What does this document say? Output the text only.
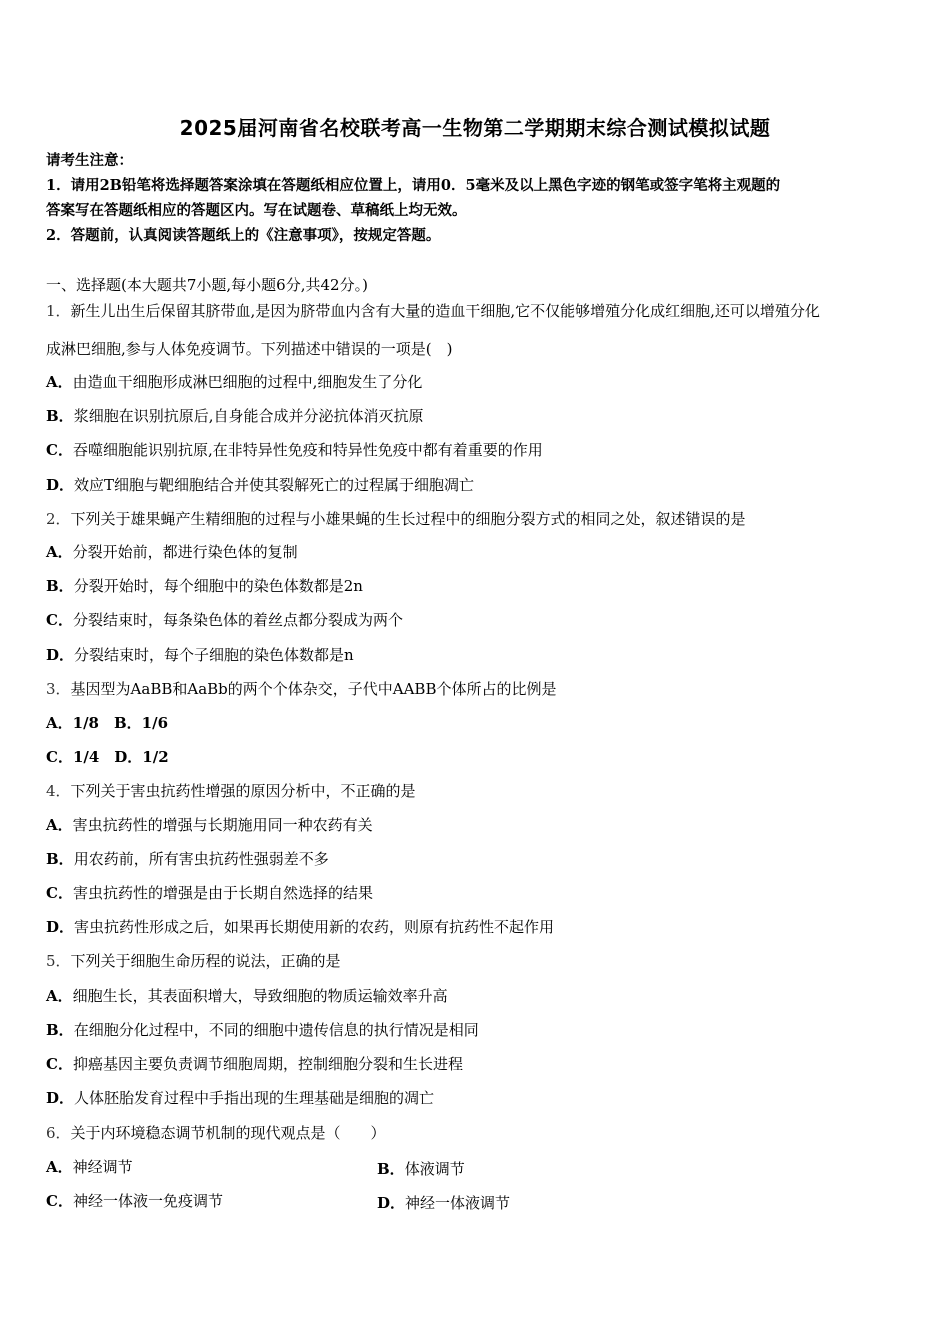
2025届河南省名校联考高一生物第二学期期末综合测试模拟试题
请考生注意：
1．请用2B铅笔将选择题答案涂填在答题纸相应位置上，请用0．5毫米及以上黑色字迹的钢笔或签字笔将主观题的
答案写在答题纸相应的答题区内。写在试题卷、草稿纸上均无效。
2．答题前，认真阅读答题纸上的《注意事项》，按规定答题。
一、选择题(本大题共7小题,每小题6分,共42分。)
1．新生儿出生后保留其脐带血,是因为脐带血内含有大量的造血干细胞,它不仅能够增殖分化成红细胞,还可以增殖分化
成淋巴细胞,参与人体免疫调节。下列描述中错误的一项是(　)
A．由造血干细胞形成淋巴细胞的过程中,细胞发生了分化
B．浆细胞在识别抗原后,自身能合成并分泌抗体消灭抗原
C．吞噬细胞能识别抗原,在非特异性免疫和特异性免疫中都有着重要的作用
D．效应T细胞与靶细胞结合并使其裂解死亡的过程属于细胞凋亡
2．下列关于雄果蝇产生精细胞的过程与小雄果蝇的生长过程中的细胞分裂方式的相同之处，叙述错误的是
A．分裂开始前，都进行染色体的复制
B．分裂开始时，每个细胞中的染色体数都是2n
C．分裂结束时，每条染色体的着丝点都分裂成为两个
D．分裂结束时，每个子细胞的染色体数都是n
3．基因型为AaBB和AaBb的两个个体杂交，子代中AABB个体所占的比例是
A．1/8　B．1/6
C．1/4　D．1/2
4．下列关于害虫抗药性增强的原因分析中，不正确的是
A．害虫抗药性的增强与长期施用同一种农药有关
B．用农药前，所有害虫抗药性强弱差不多
C．害虫抗药性的增强是由于长期自然选择的结果
D．害虫抗药性形成之后，如果再长期使用新的农药，则原有抗药性不起作用
5．下列关于细胞生命历程的说法，正确的是
A．细胞生长，其表面积增大，导致细胞的物质运输效率升高
B．在细胞分化过程中，不同的细胞中遗传信息的执行情况是相同
C．抑癌基因主要负责调节细胞周期，控制细胞分裂和生长进程
D．人体胚胎发育过程中手指出现的生理基础是细胞的凋亡
6．关于内环境稳态调节机制的现代观点是（　　）
A．神经调节	B．体液调节
C．神经一体液一免疫调节	D．神经一体液调节
